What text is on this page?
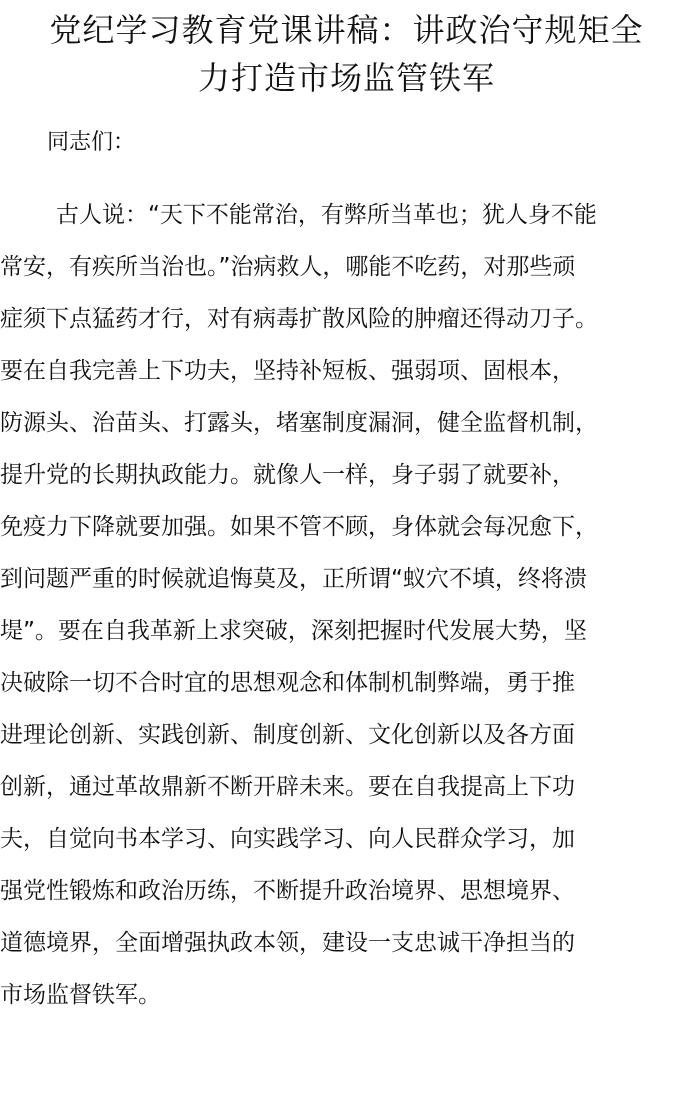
党纪学习教育党课讲稿：讲政治守规矩全
力打造市场监管铁军
同志们：
古人说：“天下不能常治，有弊所当革也；犹人身不能
常安，有疾所当治也。”治病救人，哪能不吃药，对那些顽
症须下点猛药才行，对有病毒扩散风险的肿瘤还得动刀子。
要在自我完善上下功夫，坚持补短板、强弱项、固根本，
防源头、治苗头、打露头，堵塞制度漏洞，健全监督机制，
提升党的长期执政能力。就像人一样，身子弱了就要补，
免疫力下降就要加强。如果不管不顾，身体就会每况愈下，
到问题严重的时候就追悔莫及，正所谓“蚁穴不填，终将溃
堤”。要在自我革新上求突破，深刻把握时代发展大势，坚
决破除一切不合时宜的思想观念和体制机制弊端，勇于推
进理论创新、实践创新、制度创新、文化创新以及各方面
创新，通过革故鼎新不断开辟未来。要在自我提高上下功
夫，自觉向书本学习、向实践学习、向人民群众学习，加
强党性锻炼和政治历练，不断提升政治境界、思想境界、
道德境界，全面增强执政本领，建设一支忠诚干净担当的
市场监督铁军。
